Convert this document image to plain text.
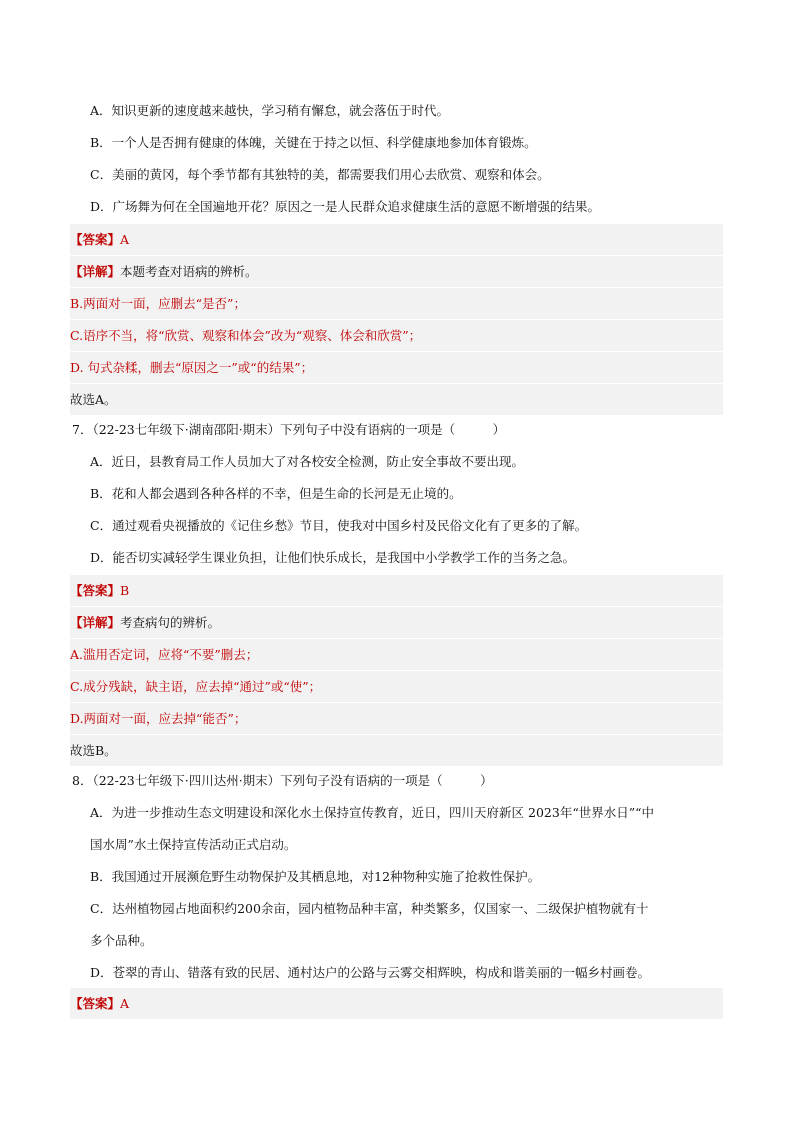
A．知识更新的速度越来越快，学习稍有懈怠，就会落伍于时代。
B．一个人是否拥有健康的体魄，关键在于持之以恒、科学健康地参加体育锻炼。
C．美丽的黄冈，每个季节都有其独特的美，都需要我们用心去欣赏、观察和体会。
D．广场舞为何在全国遍地开花？原因之一是人民群众追求健康生活的意愿不断增强的结果。
【答案】A
【详解】本题考查对语病的辨析。
B.两面对一面，应删去“是否”；
C.语序不当，将“欣赏、观察和体会”改为“观察、体会和欣赏”；
D. 句式杂糅，删去“原因之一”或“的结果”；
故选A。
7．（22-23七年级下·湖南邵阳·期末）下列句子中没有语病的一项是（　　　）
A．近日，县教育局工作人员加大了对各校安全检测，防止安全事故不要出现。
B．花和人都会遇到各种各样的不幸，但是生命的长河是无止境的。
C．通过观看央视播放的《记住乡愁》节目，使我对中国乡村及民俗文化有了更多的了解。
D．能否切实减轻学生课业负担，让他们快乐成长，是我国中小学教学工作的当务之急。
【答案】B
【详解】考查病句的辨析。
A.滥用否定词，应将“不要”删去；
C.成分残缺，缺主语，应去掉“通过”或“使”；
D.两面对一面，应去掉“能否”；
故选B。
8．（22-23七年级下·四川达州·期末）下列句子没有语病的一项是（　　　）
A．为进一步推动生态文明建设和深化水土保持宣传教育，近日，四川天府新区 2023年“世界水日”“中
国水周”水土保持宣传活动正式启动。
B．我国通过开展濒危野生动物保护及其栖息地，对12种物种实施了抢救性保护。
C．达州植物园占地面积约200余亩，园内植物品种丰富，种类繁多，仅国家一、二级保护植物就有十
多个品种。
D．苍翠的青山、错落有致的民居、通村达户的公路与云雾交相辉映，构成和谐美丽的一幅乡村画卷。
【答案】A
